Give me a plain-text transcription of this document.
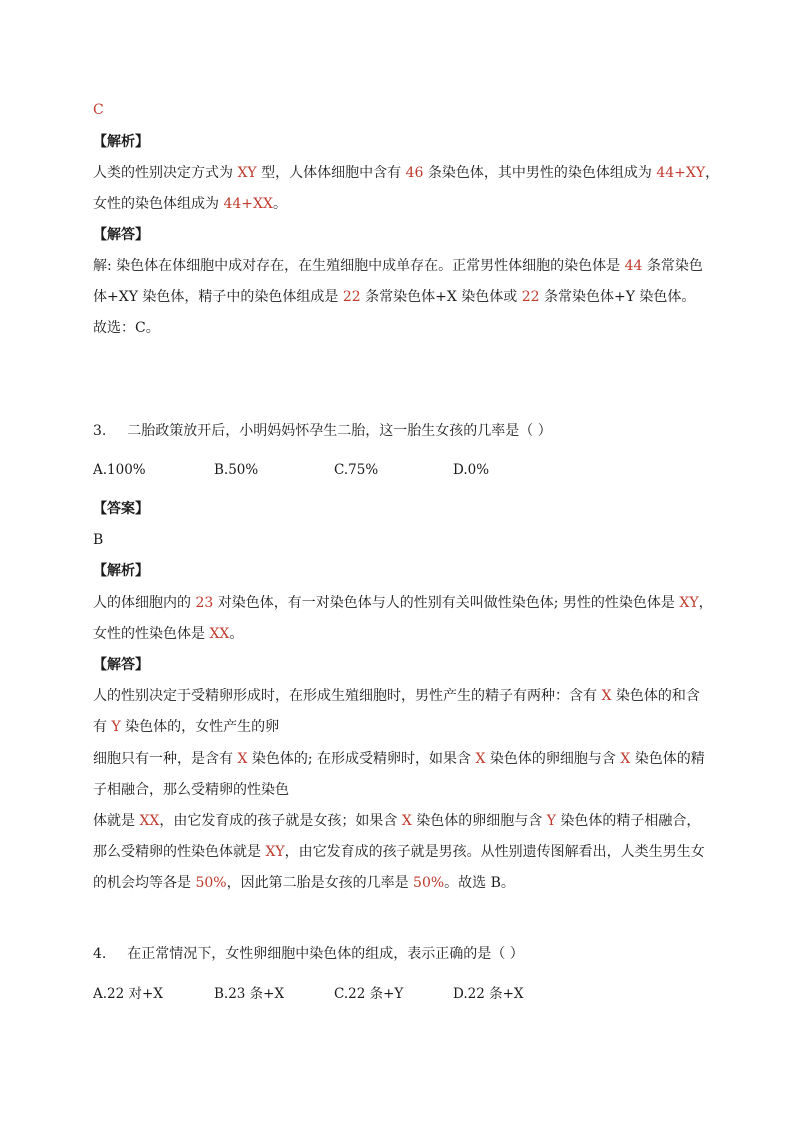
C
【解析】
人类的性别决定方式为 XY 型，人体体细胞中含有 46 条染色体，其中男性的染色体组成为 44+XY，
女性的染色体组成为 44+XX。
【解答】
解: 染色体在体细胞中成对存在，在生殖细胞中成单存在。正常男性体细胞的染色体是 44 条常染色
体+XY 染色体，精子中的染色体组成是 22 条常染色体+X 染色体或 22 条常染色体+Y 染色体。
故选：C。
3. 二胎政策放开后，小明妈妈怀孕生二胎，这一胎生女孩的几率是（ ）
A.100%	B.50%	C.75%	D.0%
【答案】
B
【解析】
人的体细胞内的 23 对染色体，有一对染色体与人的性别有关叫做性染色体; 男性的性染色体是 XY，
女性的性染色体是 XX。
【解答】
人的性别决定于受精卵形成时，在形成生殖细胞时，男性产生的精子有两种：含有 X 染色体的和含
有 Y 染色体的，女性产生的卵
细胞只有一种，是含有 X 染色体的; 在形成受精卵时，如果含 X 染色体的卵细胞与含 X 染色体的精
子相融合，那么受精卵的性染色
体就是 XX，由它发育成的孩子就是女孩；如果含 X 染色体的卵细胞与含 Y 染色体的精子相融合，
那么受精卵的性染色体就是 XY，由它发育成的孩子就是男孩。从性别遗传图解看出，人类生男生女
的机会均等各是 50%，因此第二胎是女孩的几率是 50%。故选 B。
4. 在正常情况下，女性卵细胞中染色体的组成，表示正确的是（ ）
A.22 对+X	B.23 条+X	C.22 条+Y	D.22 条+X
